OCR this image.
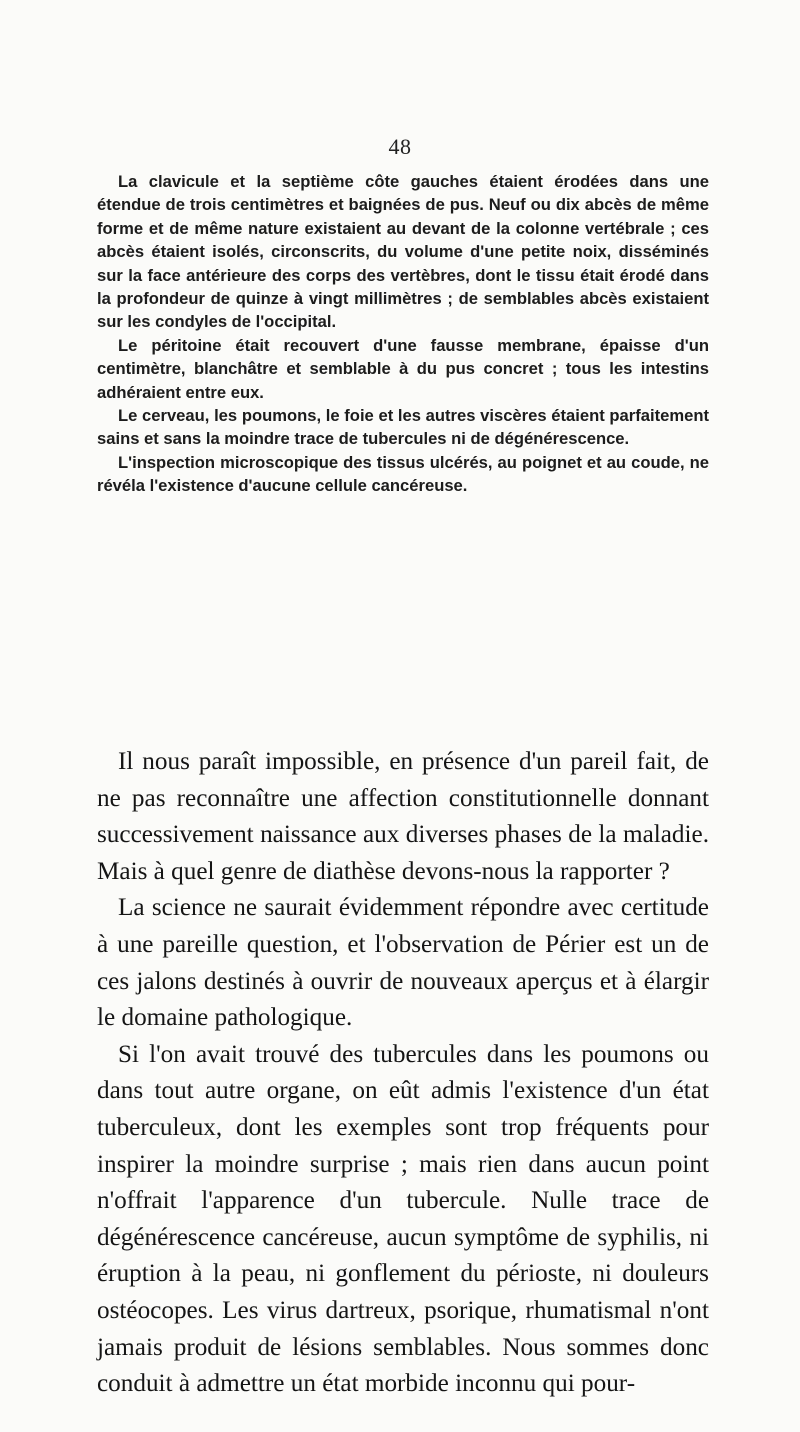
48

La clavicule et la septième côte gauches étaient érodées dans une étendue de trois centimètres et baignées de pus. Neuf ou dix abcès de même forme et de même nature existaient au devant de la colonne vertébrale ; ces abcès étaient isolés, circonscrits, du volume d'une petite noix, disséminés sur la face antérieure des corps des vertèbres, dont le tissu était érodé dans la profondeur de quinze à vingt millimètres ; de semblables abcès existaient sur les condyles de l'occipital.

Le péritoine était recouvert d'une fausse membrane, épaisse d'un centimètre, blanchâtre et semblable à du pus concret ; tous les intestins adhéraient entre eux.

Le cerveau, les poumons, le foie et les autres viscères étaient parfaitement sains et sans la moindre trace de tubercules ni de dégénérescence.

L'inspection microscopique des tissus ulcérés, au poignet et au coude, ne révéla l'existence d'aucune cellule cancéreuse.

Il nous paraît impossible, en présence d'un pareil fait, de ne pas reconnaître une affection constitutionnelle donnant successivement naissance aux diverses phases de la maladie. Mais à quel genre de diathèse devons-nous la rapporter ?

La science ne saurait évidemment répondre avec certitude à une pareille question, et l'observation de Périer est un de ces jalons destinés à ouvrir de nouveaux aperçus et à élargir le domaine pathologique.

Si l'on avait trouvé des tubercules dans les poumons ou dans tout autre organe, on eût admis l'existence d'un état tuberculeux, dont les exemples sont trop fréquents pour inspirer la moindre surprise ; mais rien dans aucun point n'offrait l'apparence d'un tubercule. Nulle trace de dégénérescence cancéreuse, aucun symptôme de syphilis, ni éruption à la peau, ni gonflement du périoste, ni douleurs ostéocopes. Les virus dartreux, psorique, rhumatismal n'ont jamais produit de lésions semblables. Nous sommes donc conduit à admettre un état morbide inconnu qui pour-
